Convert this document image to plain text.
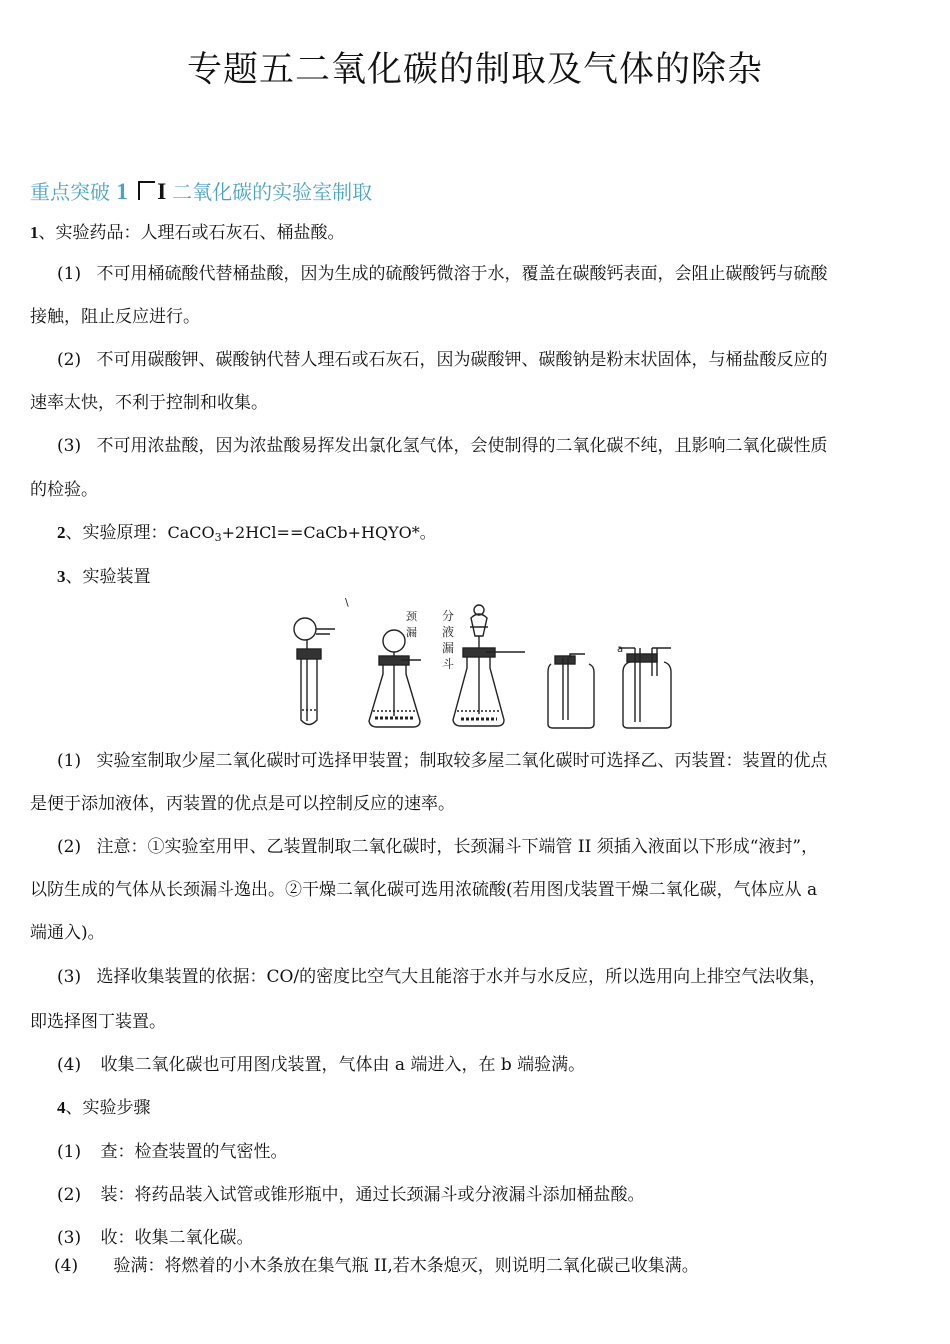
专题五二氧化碳的制取及气体的除杂
重点突破 1 I 二氧化碳的实验室制取
1、实验药品：人理石或石灰石、桶盐酸。
(1) 不可用桶硫酸代替桶盐酸，因为生成的硫酸钙微溶于水，覆盖在碳酸钙表面，会阻止碳酸钙与硫酸
接触，阻止反应进行。
(2) 不可用碳酸钾、碳酸钠代替人理石或石灰石，因为碳酸钾、碳酸钠是粉末状固体，与桶盐酸反应的
速率太快，不利于控制和收集。
(3) 不可用浓盐酸，因为浓盐酸易挥发出氯化氢气体，会使制得的二氧化碳不纯，且影响二氧化碳性质
的检验。
2、实验原理：CaCO$_3$+2HCl==CaCb+HQYO*。
3、实验装置
颈
漏
\
分
液
漏
斗
a
(1) 实验室制取少屋二氧化碳时可选择甲装置；制取较多屋二氧化碳时可选择乙、丙装置：装置的优点
是便于添加液体，丙装置的优点是可以控制反应的速率。
(2) 注意：①实验室用甲、乙装置制取二氧化碳时，长颈漏斗下端管 II 须插入液面以下形成“液封”，
以防生成的气体从长颈漏斗逸出。②干燥二氧化碳可选用浓硫酸(若用图戊装置干燥二氧化碳，气体应从 a
端通入)。
(3) 选择收集装置的依据：CO/的密度比空气大且能溶于水并与水反应，所以选用向上排空气法收集，
即选择图丁装置。
(4) 收集二氧化碳也可用图戊装置，气体由 a 端进入，在 b 端验满。
4、实验步骤
(1) 查：检查装置的气密性。
(2) 装：将药品装入试管或锥形瓶中，通过长颈漏斗或分液漏斗添加桶盐酸。
(3) 收：收集二氧化碳。
(4) 验满：将燃着的小木条放在集气瓶 II,若木条熄灭，则说明二氧化碳己收集满。
